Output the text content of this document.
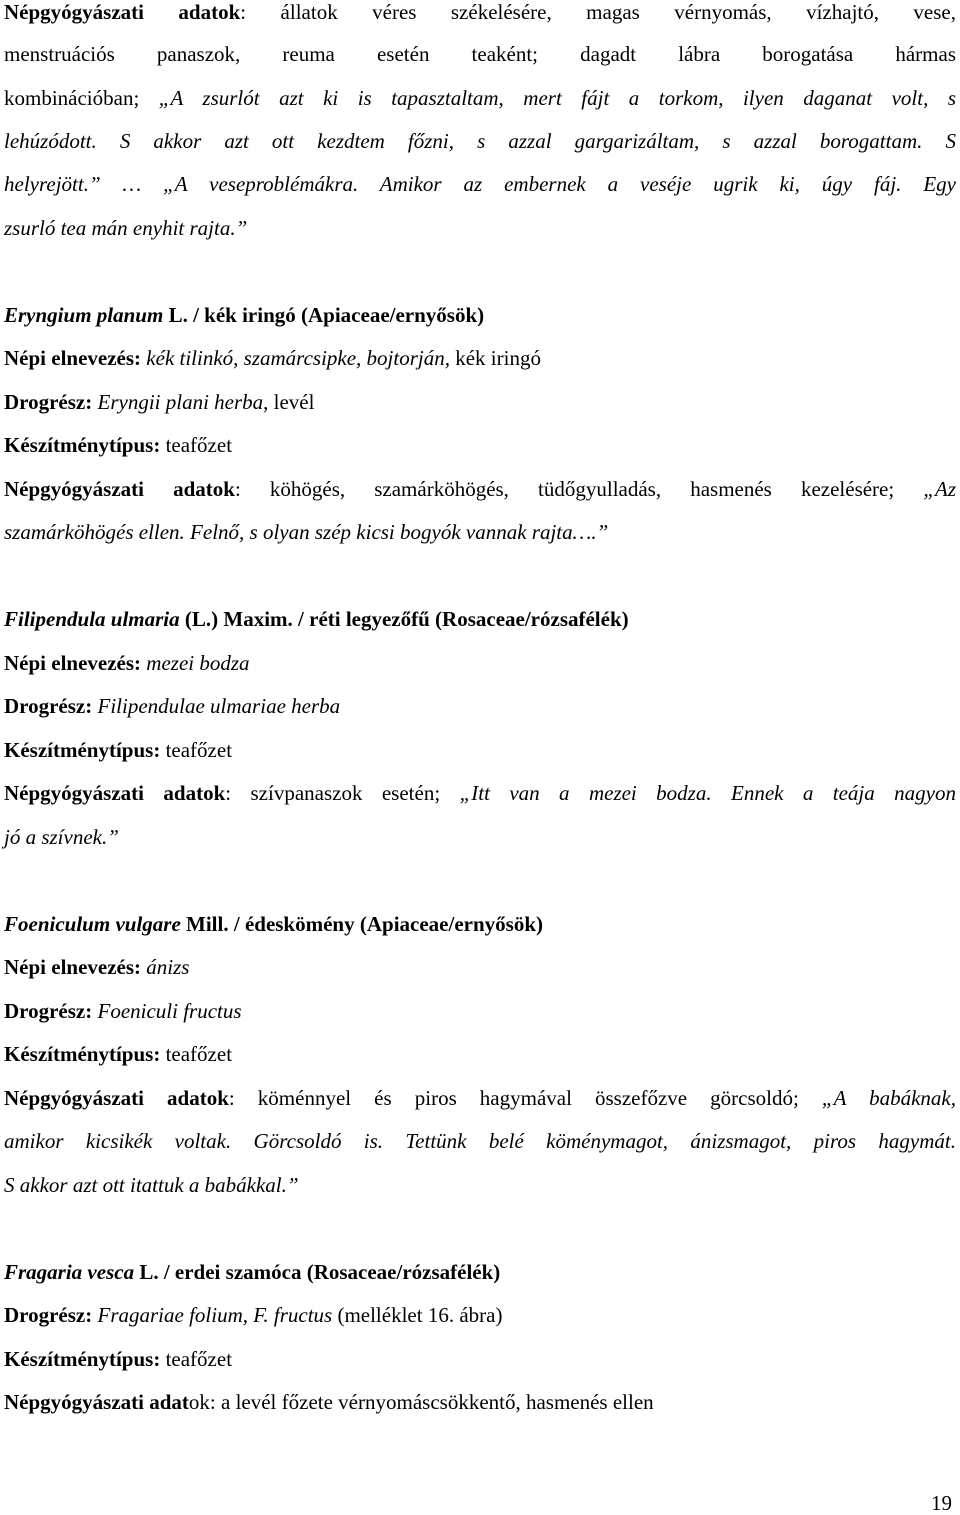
Népgyógyászati adatok: állatok véres székelésére, magas vérnyomás, vízhajtó, vese,
menstruációs panaszok, reuma esetén teaként; dagadt lábra borogatása hármas
kombinációban; „A zsurlót azt ki is tapasztaltam, mert fájt a torkom, ilyen daganat volt, s
lehúzódott. S akkor azt ott kezdtem főzni, s azzal gargarizáltam, s azzal borogattam. S
helyrejött.” … „A veseproblémákra. Amikor az embernek a veséje ugrik ki, úgy fáj. Egy
zsurló tea mán enyhit rajta.”
Eryngium planum L. / kék iringó (Apiaceae/ernyősök)
Népi elnevezés: kék tilinkó, szamárcsipke, bojtorján, kék iringó
Drogrész: Eryngii plani herba, levél
Készítménytípus: teafőzet
Népgyógyászati adatok: köhögés, szamárköhögés, tüdőgyulladás, hasmenés kezelésére; „Az
szamárköhögés ellen. Felnő, s olyan szép kicsi bogyók vannak rajta….”
Filipendula ulmaria (L.) Maxim. / réti legyezőfű (Rosaceae/rózsafélék)
Népi elnevezés: mezei bodza
Drogrész: Filipendulae ulmariae herba
Készítménytípus: teafőzet
Népgyógyászati adatok: szívpanaszok esetén; „Itt van a mezei bodza. Ennek a teája nagyon
jó a szívnek.”
Foeniculum vulgare Mill. / édeskömény (Apiaceae/ernyősök)
Népi elnevezés: ánizs
Drogrész: Foeniculi fructus
Készítménytípus: teafőzet
Népgyógyászati adatok: köménnyel és piros hagymával összefőzve görcsoldó; „A babáknak,
amikor kicsikék voltak. Görcsoldó is. Tettünk belé köménymagot, ánizsmagot, piros hagymát.
S akkor azt ott itattuk a babákkal.”
Fragaria vesca L. / erdei szamóca (Rosaceae/rózsafélék)
Drogrész: Fragariae folium, F. fructus (melléklet 16. ábra)
Készítménytípus: teafőzet
Népgyógyászati adatok: a levél főzete vérnyomáscsökkentő, hasmenés ellen
19
